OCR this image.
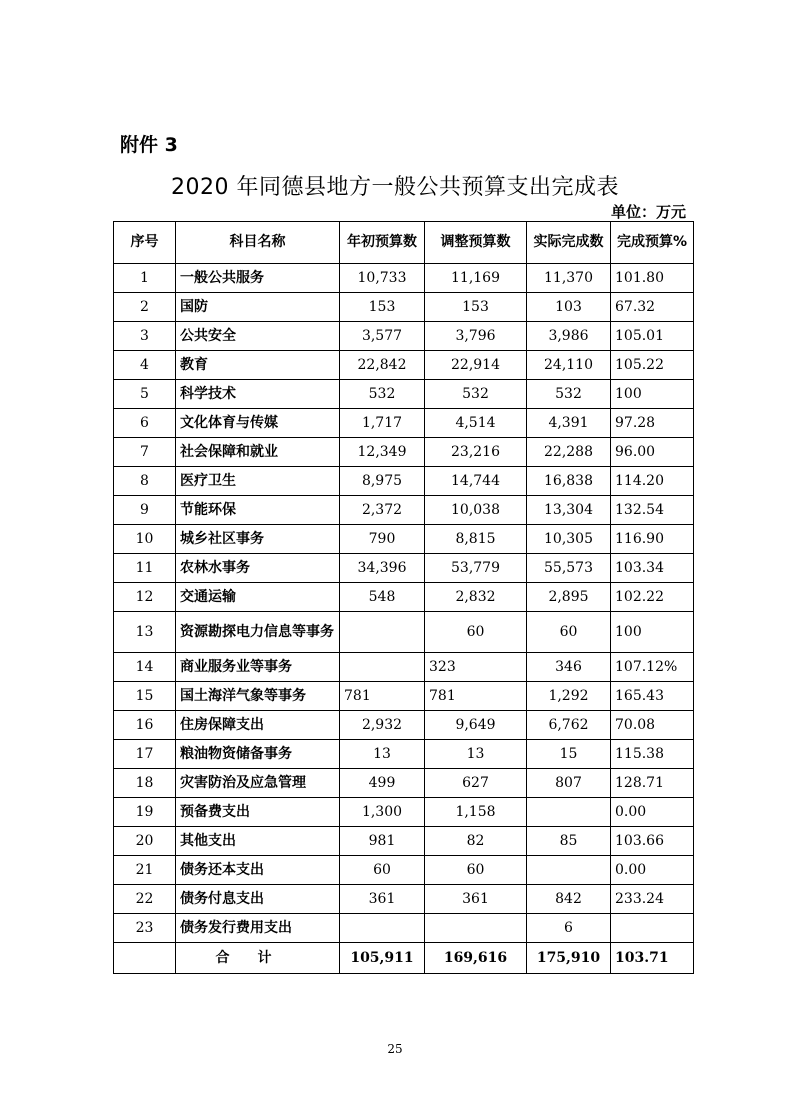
附件 3
2020 年同德县地方一般公共预算支出完成表
单位：万元
序号	科目名称	年初预算数	调整预算数	实际完成数	完成预算%
1	一般公共服务	10,733	11,169	11,370	101.80
2	国防	153	153	103	67.32
3	公共安全	3,577	3,796	3,986	105.01
4	教育	22,842	22,914	24,110	105.22
5	科学技术	532	532	532	100
6	文化体育与传媒	1,717	4,514	4,391	97.28
7	社会保障和就业	12,349	23,216	22,288	96.00
8	医疗卫生	8,975	14,744	16,838	114.20
9	节能环保	2,372	10,038	13,304	132.54
10	城乡社区事务	790	8,815	10,305	116.90
11	农林水事务	34,396	53,779	55,573	103.34
12	交通运输	548	2,832	2,895	102.22
13	资源勘探电力信息等事务		60	60	100
14	商业服务业等事务		323	346	107.12%
15	国土海洋气象等事务	781	781	1,292	165.43
16	住房保障支出	2,932	9,649	6,762	70.08
17	粮油物资储备事务	13	13	15	115.38
18	灾害防治及应急管理	499	627	807	128.71
19	预备费支出	1,300	1,158		0.00
20	其他支出	981	82	85	103.66
21	债务还本支出	60	60		0.00
22	债务付息支出	361	361	842	233.24
23	债务发行费用支出			6	
	合计	105,911	169,616	175,910	103.71
25
